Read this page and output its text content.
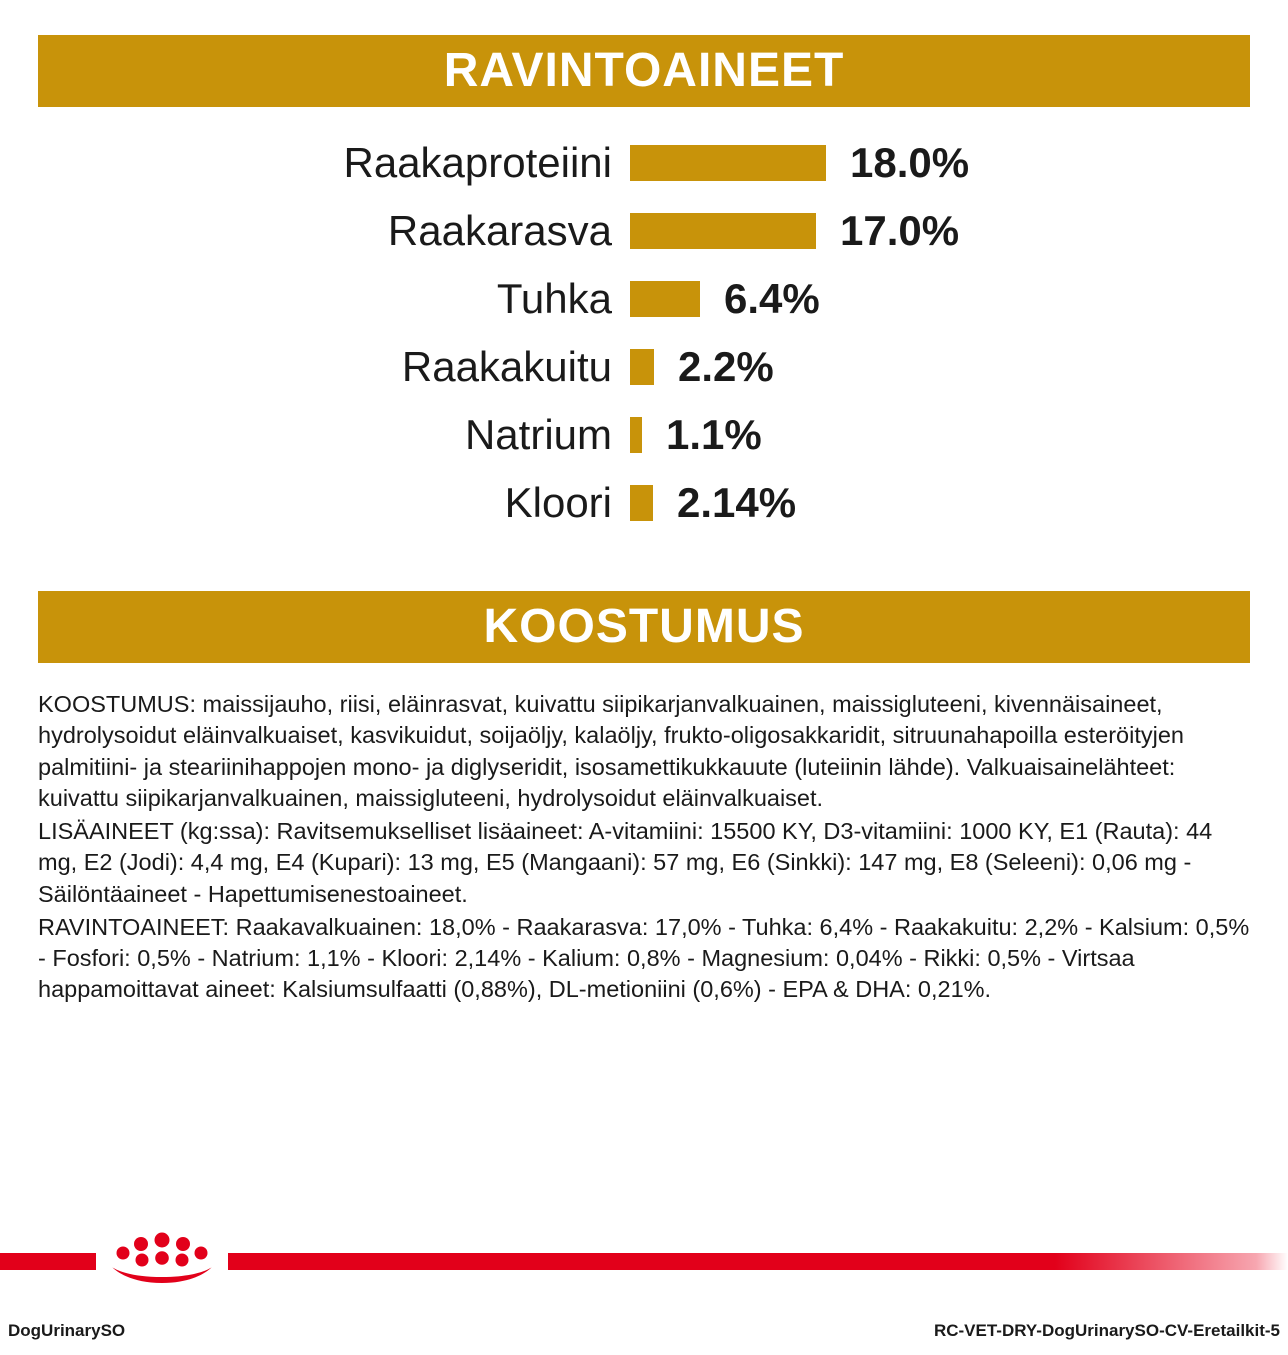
RAVINTOAINEET
Raakaproteiini	18.0%
Raakarasva	17.0%
Tuhka	6.4%
Raakakuitu	2.2%
Natrium	1.1%
Kloori	2.14%
KOOSTUMUS

KOOSTUMUS: maissijauho, riisi, eläinrasvat, kuivattu siipikarjanvalkuainen, maissigluteeni, kivennäisaineet, hydrolysoidut eläinvalkuaiset, kasvikuidut, soijaöljy, kalaöljy, frukto-oligosakkaridit, sitruunahapoilla esteröityjen palmitiini- ja steariinihappojen mono- ja diglyseridit, isosamettikukkauute (luteiinin lähde). Valkuaisainelähteet: kuivattu siipikarjanvalkuainen, maissigluteeni, hydrolysoidut eläinvalkuaiset.

LISÄAINEET (kg:ssa): Ravitsemukselliset lisäaineet: A-vitamiini: 15500 KY, D3-vitamiini: 1000 KY, E1 (Rauta): 44 mg, E2 (Jodi): 4,4 mg, E4 (Kupari): 13 mg, E5 (Mangaani): 57 mg, E6 (Sinkki): 147 mg, E8 (Seleeni): 0,06 mg - Säilöntäaineet - Hapettumisenestoaineet.

RAVINTOAINEET: Raakavalkuainen: 18,0% - Raakarasva: 17,0% - Tuhka: 6,4% - Raakakuitu: 2,2% - Kalsium: 0,5% - Fosfori: 0,5% - Natrium: 1,1% - Kloori: 2,14% - Kalium: 0,8% - Magnesium: 0,04% - Rikki: 0,5% - Virtsaa happamoittavat aineet: Kalsiumsulfaatti (0,88%), DL-metioniini (0,6%) - EPA & DHA: 0,21%.

DogUrinarySO	RC-VET-DRY-DogUrinarySO-CV-Eretailkit-5
